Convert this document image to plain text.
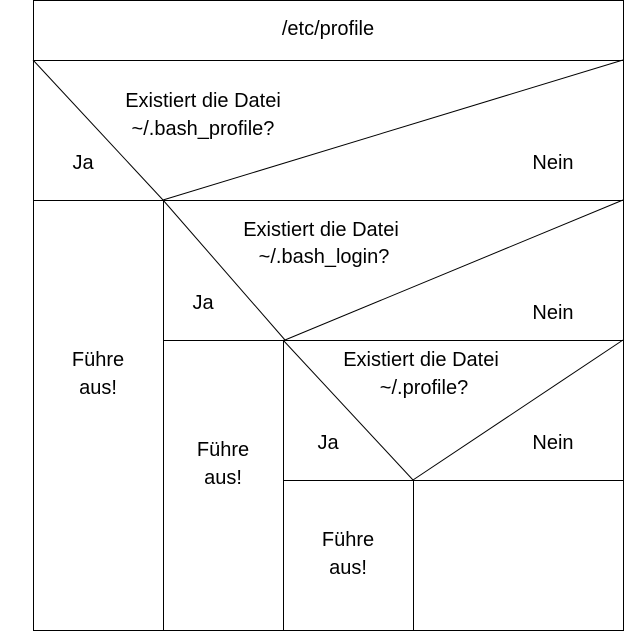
/etc/profile
Existiert die Datei
~/.bash_profile?
Ja	Nein
Führe
aus!
Existiert die Datei
~/.bash_login?
Ja	Nein
Führe
aus!
Existiert die Datei
~/.profile?
Ja	Nein
Führe
aus!
